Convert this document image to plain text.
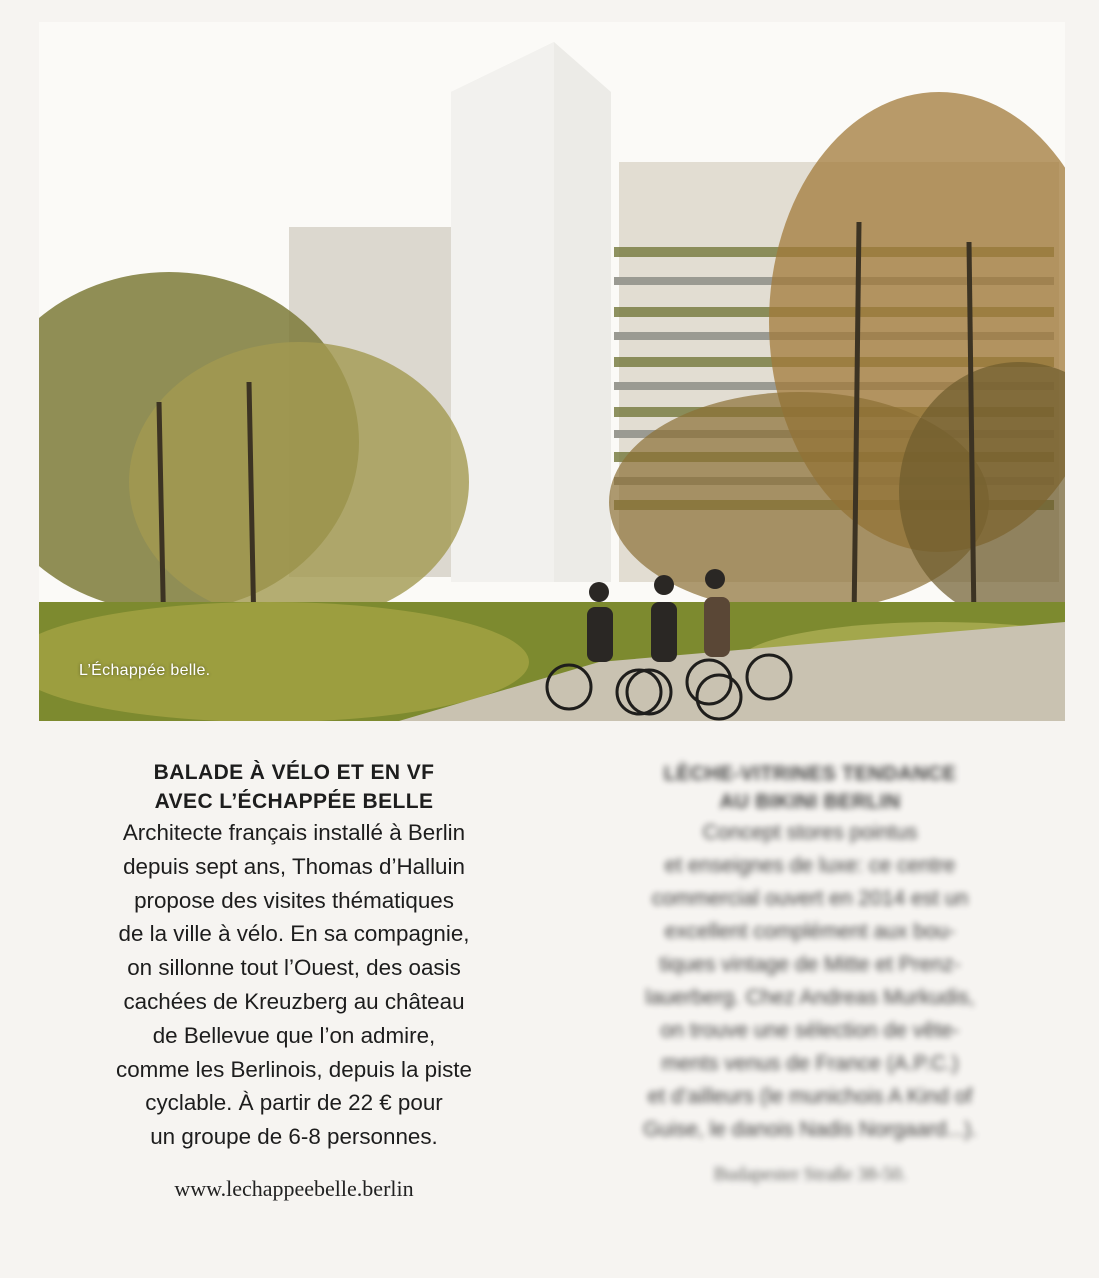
L’Échappée belle.

BALADE À VÉLO ET EN VF
AVEC L’ÉCHAPPÉE BELLE

Architecte français installé à Berlin
depuis sept ans, Thomas d’Halluin
propose des visites thématiques
de la ville à vélo. En sa compagnie,
on sillonne tout l’Ouest, des oasis
cachées de Kreuzberg au château
de Bellevue que l’on admire,
comme les Berlinois, depuis la piste
cyclable. À partir de 22 € pour
un groupe de 6-8 personnes.

www.lechappeebelle.berlin

LÈCHE-VITRINES TENDANCE
AU BIKINI BERLIN

Concept stores pointus
et enseignes de luxe: ce centre
commercial ouvert en 2014 est un
excellent complément aux bou-
tiques vintage de Mitte et Prenz-
lauerberg. Chez Andreas Murkudis,
on trouve une sélection de vête-
ments venus de France (A.P.C.)
et d’ailleurs (le munichois A Kind of
Guise, le danois Nadis Norgaard...).

Budapester Straße 38-50.
